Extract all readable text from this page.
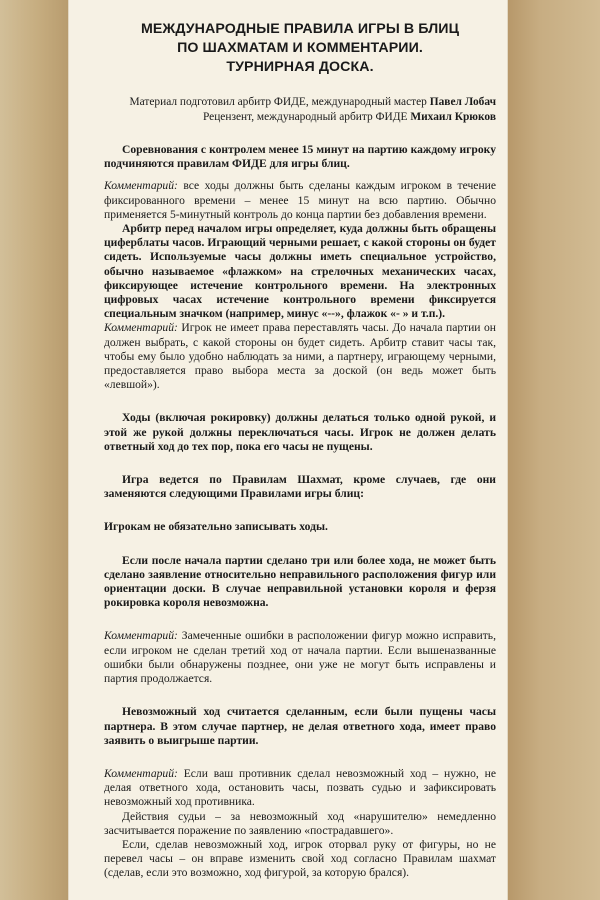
МЕЖДУНАРОДНЫЕ ПРАВИЛА ИГРЫ В БЛИЦ
ПО ШАХМАТАМ И КОММЕНТАРИИ.
ТУРНИРНАЯ ДОСКА.
Материал подготовил арбитр ФИДЕ, международный мастер Павел Лобач
Рецензент, международный арбитр ФИДЕ Михаил Крюков

Соревнования с контролем менее 15 минут на партию каждому игроку подчиняются правилам ФИДЕ для игры блиц.

Комментарий: все ходы должны быть сделаны каждым игроком в течение фиксированного времени – менее 15 минут на всю партию. Обычно применяется 5-минутный контроль до конца партии без добавления времени.

Арбитр перед началом игры определяет, куда должны быть обращены циферблаты часов. Играющий черными решает, с какой стороны он будет сидеть. Используемые часы должны иметь специальное устройство, обычно называемое «флажком» на стрелочных механических часах, фиксирующее истечение контрольного времени. На электронных цифровых часах истечение контрольного времени фиксируется специальным значком (например, минус «--», флажок «- » и т.п.).

Комментарий: Игрок не имеет права переставлять часы. До начала партии он должен выбрать, с какой стороны он будет сидеть. Арбитр ставит часы так, чтобы ему было удобно наблюдать за ними, а партнеру, играющему черными, предоставляется право выбора места за доской (он ведь может быть «левшой»).

Ходы (включая рокировку) должны делаться только одной рукой, и этой же рукой должны переключаться часы. Игрок не должен делать ответный ход до тех пор, пока его часы не пущены.

Игра ведется по Правилам Шахмат, кроме случаев, где они заменяются следующими Правилами игры блиц:

Игрокам не обязательно записывать ходы.

Если после начала партии сделано три или более хода, не может быть сделано заявление относительно неправильного расположения фигур или ориентации доски. В случае неправильной установки короля и ферзя рокировка короля невозможна.

Комментарий: Замеченные ошибки в расположении фигур можно исправить, если игроком не сделан третий ход от начала партии. Если вышеназванные ошибки были обнаружены позднее, они уже не могут быть исправлены и партия продолжается.

Невозможный ход считается сделанным, если были пущены часы партнера. В этом случае партнер, не делая ответного хода, имеет право заявить о выигрыше партии.

Комментарий: Если ваш противник сделал невозможный ход – нужно, не делая ответного хода, остановить часы, позвать судью и зафиксировать невозможный ход противника.

Действия судьи – за невозможный ход «нарушителю» немедленно засчитывается поражение по заявлению «пострадавшего».

Если, сделав невозможный ход, игрок оторвал руку от фигуры, но не перевел часы – он вправе изменить свой ход согласно Правилам шахмат (сделав, если это возможно, ход фигурой, за которую брался).
